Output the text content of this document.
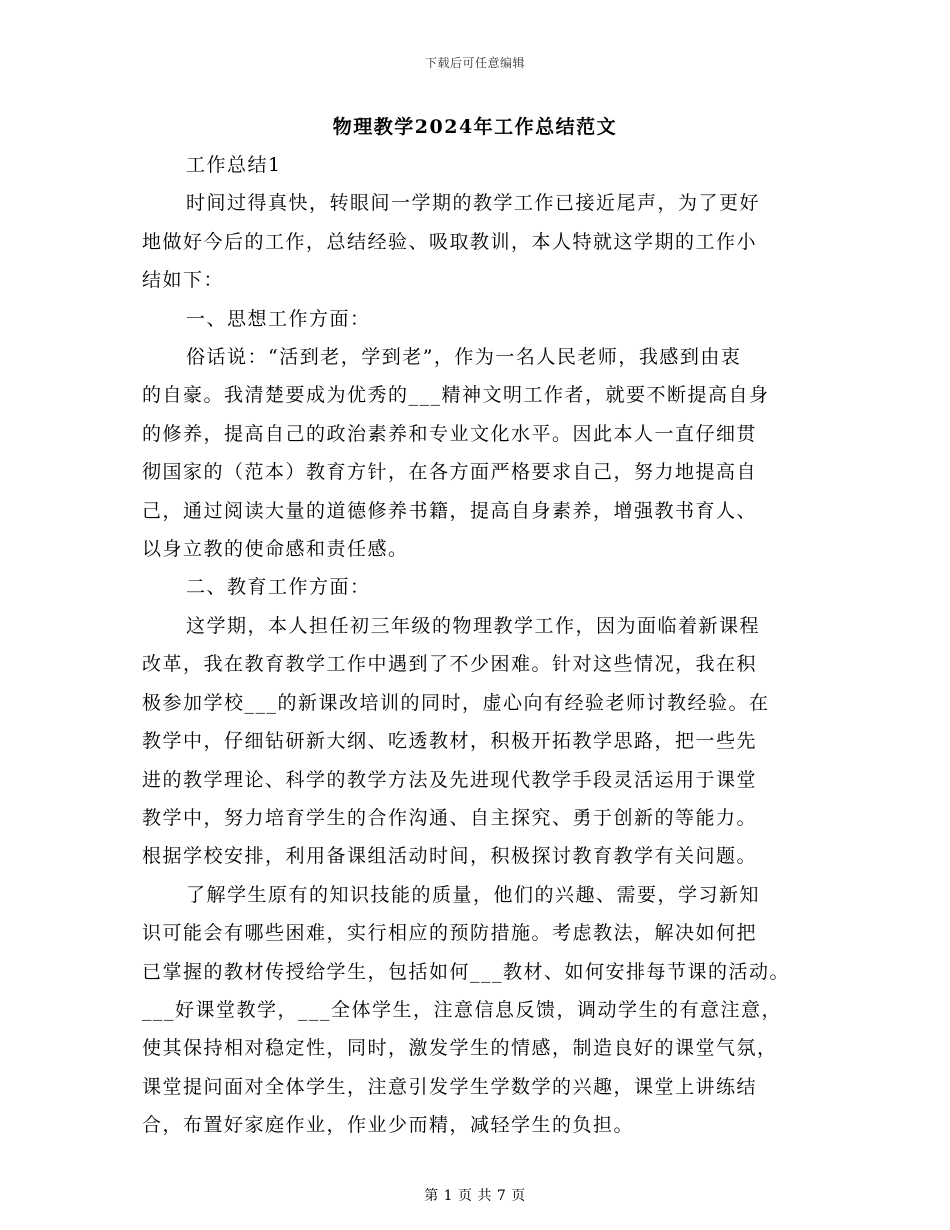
下载后可任意编辑
物理教学2024年工作总结范文
工作总结1
时间过得真快，转眼间一学期的教学工作已接近尾声，为了更好
地做好今后的工作，总结经验、吸取教训，本人特就这学期的工作小
结如下：
一、思想工作方面：
俗话说：“活到老，学到老”，作为一名人民老师，我感到由衷
的自豪。我清楚要成为优秀的___精神文明工作者，就要不断提高自身
的修养，提高自己的政治素养和专业文化水平。因此本人一直仔细贯
彻国家的（范本）教育方针，在各方面严格要求自己，努力地提高自
己，通过阅读大量的道德修养书籍，提高自身素养，增强教书育人、
以身立教的使命感和责任感。
二、教育工作方面：
这学期，本人担任初三年级的物理教学工作，因为面临着新课程
改革，我在教育教学工作中遇到了不少困难。针对这些情况，我在积
极参加学校___的新课改培训的同时，虚心向有经验老师讨教经验。在
教学中，仔细钻研新大纲、吃透教材，积极开拓教学思路，把一些先
进的教学理论、科学的教学方法及先进现代教学手段灵活运用于课堂
教学中，努力培育学生的合作沟通、自主探究、勇于创新的等能力。
根据学校安排，利用备课组活动时间，积极探讨教育教学有关问题。
了解学生原有的知识技能的质量，他们的兴趣、需要，学习新知
识可能会有哪些困难，实行相应的预防措施。考虑教法，解决如何把
已掌握的教材传授给学生，包括如何___教材、如何安排每节课的活动。
___好课堂教学，___全体学生，注意信息反馈，调动学生的有意注意，
使其保持相对稳定性，同时，激发学生的情感，制造良好的课堂气氛，
课堂提问面对全体学生，注意引发学生学数学的兴趣，课堂上讲练结
合，布置好家庭作业，作业少而精，减轻学生的负担。
第 1 页 共 7 页
